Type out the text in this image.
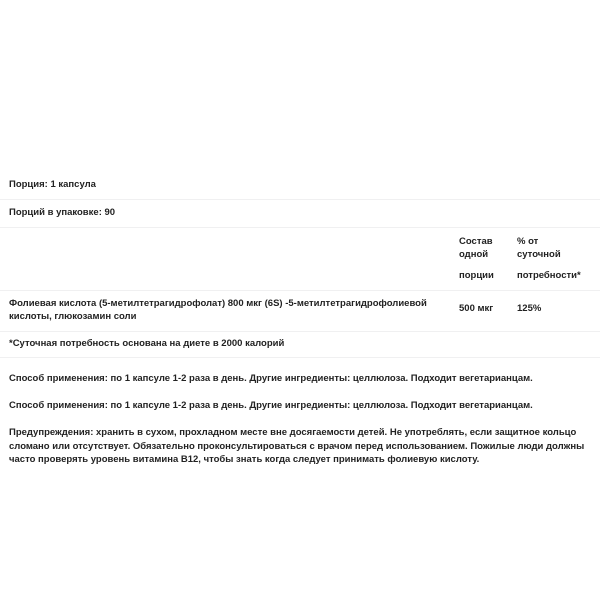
Порция: 1 капсула		

Порций в упаковке: 90		

	Состав
одной
порции	% от
суточной
потребности*

Фолиевая кислота (5-метилтетрагидрофолат) 800 мкг (6S) -5-метилтетрагидрофолиевой кислоты, глюкозамин соли	500 мкг	125%

*Суточная потребность основана на диете в 2000 калорий		

Способ применения: по 1 капсуле 1-2 раза в день. Другие ингредиенты: целлюлоза. Подходит вегетарианцам.

Способ применения: по 1 капсуле 1-2 раза в день. Другие ингредиенты: целлюлоза. Подходит вегетарианцам.

Предупреждения: хранить в сухом, прохладном месте вне досягаемости детей. Не употреблять, если защитное кольцо сломано или отсутствует. Обязательно проконсультироваться с врачом перед использованием. Пожилые люди должны часто проверять уровень витамина B12, чтобы знать когда следует принимать фолиевую кислоту.
